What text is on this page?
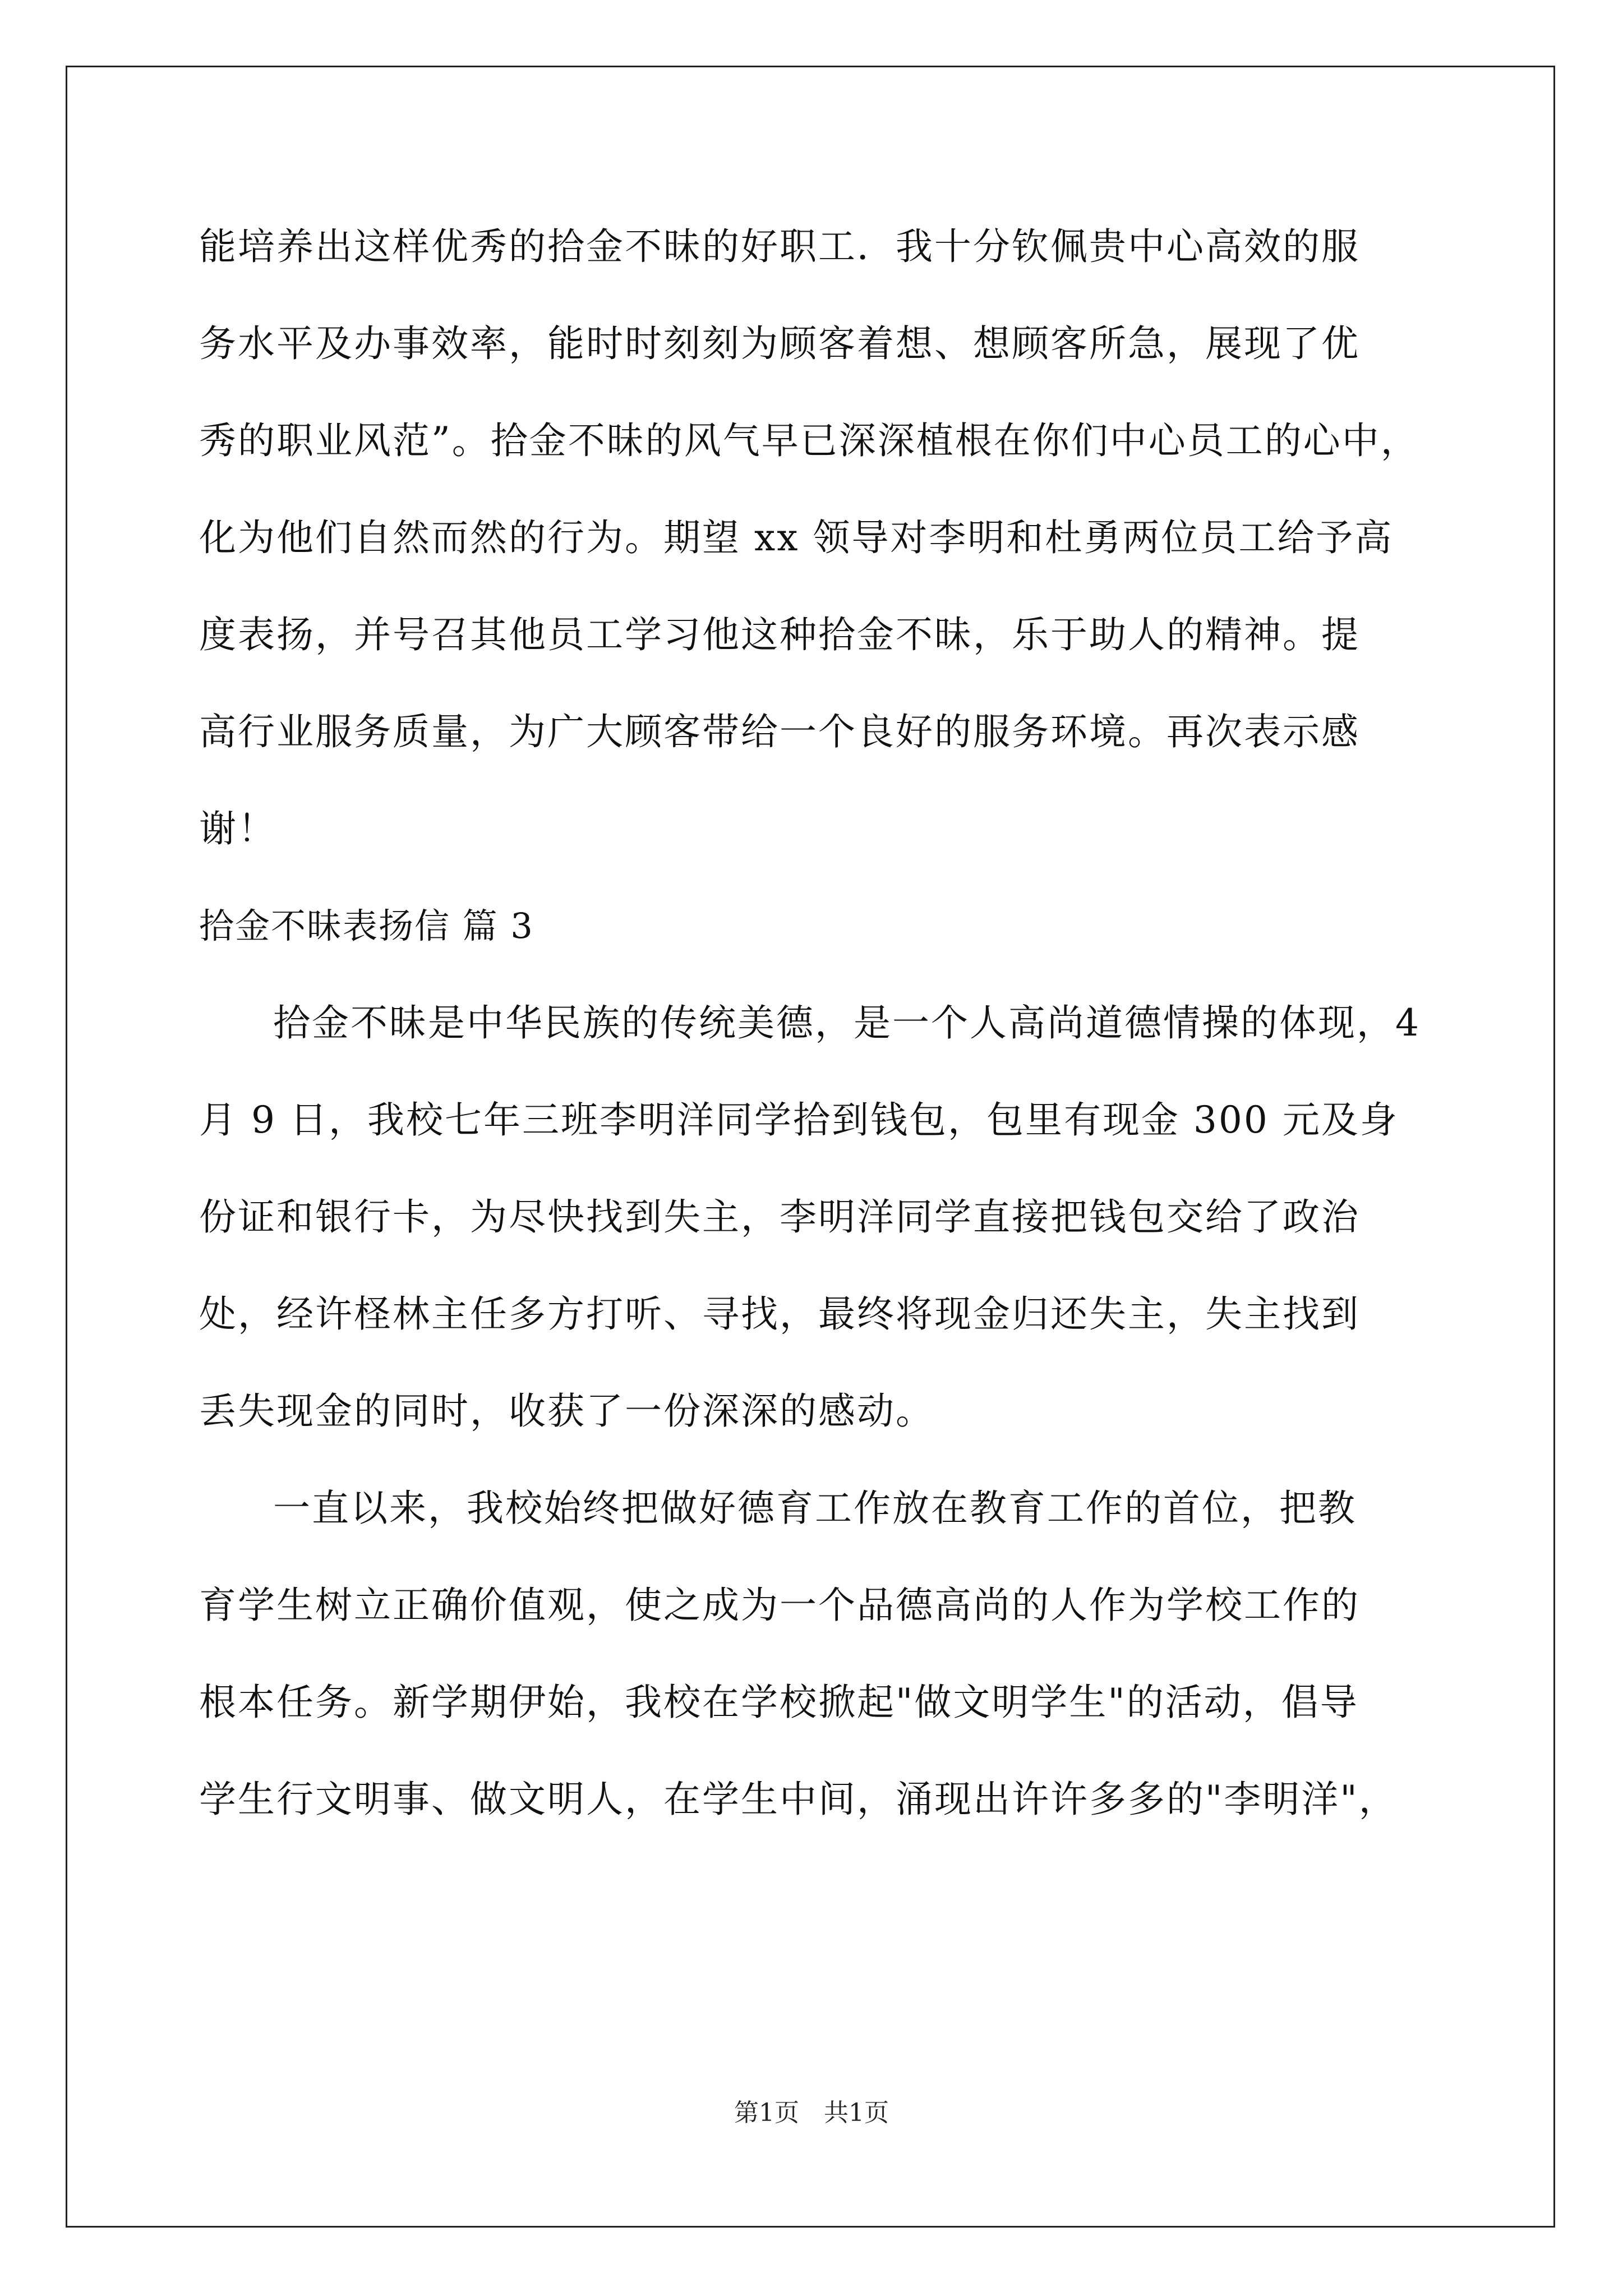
能培养出这样优秀的拾金不昧的好职工．我十分钦佩贵中心高效的服
务水平及办事效率，能时时刻刻为顾客着想、想顾客所急，展现了优
秀的职业风范”。拾金不昧的风气早已深深植根在你们中心员工的心中，
化为他们自然而然的行为。期望 xx 领导对李明和杜勇两位员工给予高
度表扬，并号召其他员工学习他这种拾金不昧，乐于助人的精神。提
高行业服务质量，为广大顾客带给一个良好的服务环境。再次表示感
谢！
拾金不昧表扬信 篇 3
拾金不昧是中华民族的传统美德，是一个人高尚道德情操的体现，4
月 9 日，我校七年三班李明洋同学拾到钱包，包里有现金 300 元及身
份证和银行卡，为尽快找到失主，李明洋同学直接把钱包交给了政治
处，经许柽林主任多方打听、寻找，最终将现金归还失主，失主找到
丢失现金的同时，收获了一份深深的感动。
一直以来，我校始终把做好德育工作放在教育工作的首位，把教
育学生树立正确价值观，使之成为一个品德高尚的人作为学校工作的
根本任务。新学期伊始，我校在学校掀起"做文明学生"的活动，倡导
学生行文明事、做文明人，在学生中间，涌现出许许多多的"李明洋"，
第1页　共1页
